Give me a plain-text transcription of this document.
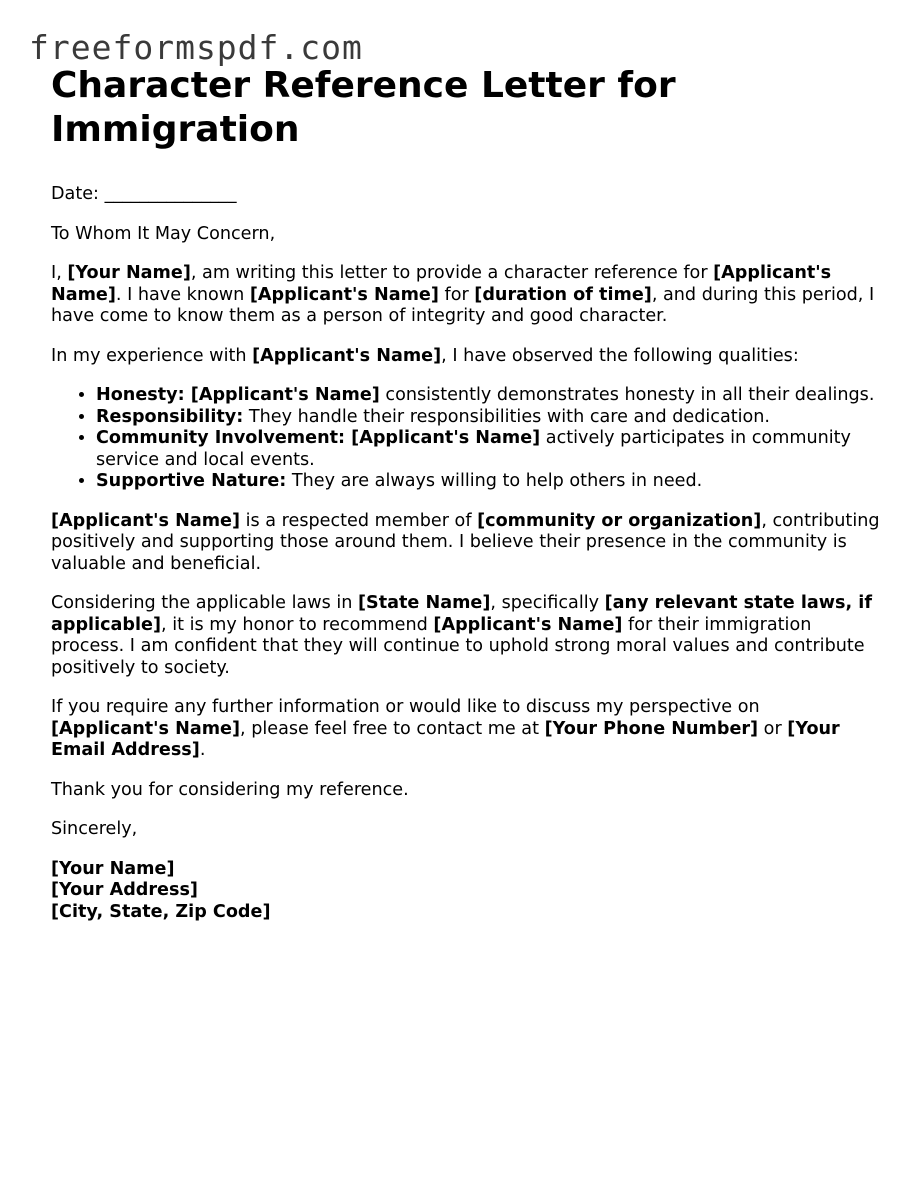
freeformspdf.com
Character Reference Letter for Immigration

Date: _______________

To Whom It May Concern,

I, [Your Name], am writing this letter to provide a character reference for [Applicant's Name]. I have known [Applicant's Name] for [duration of time], and during this period, I have come to know them as a person of integrity and good character.

In my experience with [Applicant's Name], I have observed the following qualities:

• Honesty: [Applicant's Name] consistently demonstrates honesty in all their dealings.
• Responsibility: They handle their responsibilities with care and dedication.
• Community Involvement: [Applicant's Name] actively participates in community service and local events.
• Supportive Nature: They are always willing to help others in need.

[Applicant's Name] is a respected member of [community or organization], contributing positively and supporting those around them. I believe their presence in the community is valuable and beneficial.

Considering the applicable laws in [State Name], specifically [any relevant state laws, if applicable], it is my honor to recommend [Applicant's Name] for their immigration process. I am confident that they will continue to uphold strong moral values and contribute positively to society.

If you require any further information or would like to discuss my perspective on [Applicant's Name], please feel free to contact me at [Your Phone Number] or [Your Email Address].

Thank you for considering my reference.

Sincerely,

[Your Name]
[Your Address]
[City, State, Zip Code]
